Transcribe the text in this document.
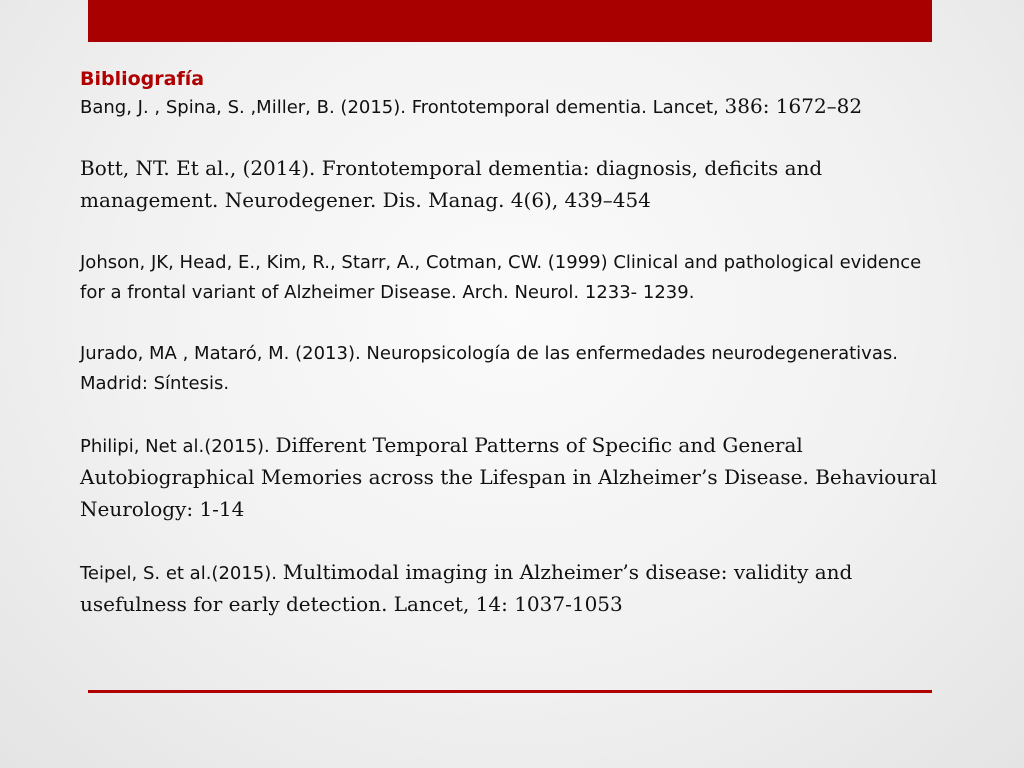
Bibliografía

Bang, J. , Spina, S. ,Miller, B. (2015). Frontotemporal dementia. Lancet, 386: 1672–82

Bott, NT. Et al., (2014). Frontotemporal dementia: diagnosis, deficits and management. Neurodegener. Dis. Manag. 4(6), 439–454

Johson, JK, Head, E., Kim, R., Starr, A., Cotman, CW. (1999) Clinical and pathological evidence for a frontal variant of Alzheimer Disease. Arch. Neurol. 1233- 1239.

Jurado, MA , Mataró, M. (2013). Neuropsicología de las enfermedades neurodegenerativas. Madrid: Síntesis.

Philipi, Net al.(2015). Different Temporal Patterns of Specific and General Autobiographical Memories across the Lifespan in Alzheimer’s Disease. Behavioural Neurology: 1-14

Teipel, S. et al.(2015). Multimodal imaging in Alzheimer’s disease: validity and usefulness for early detection. Lancet, 14: 1037-1053
